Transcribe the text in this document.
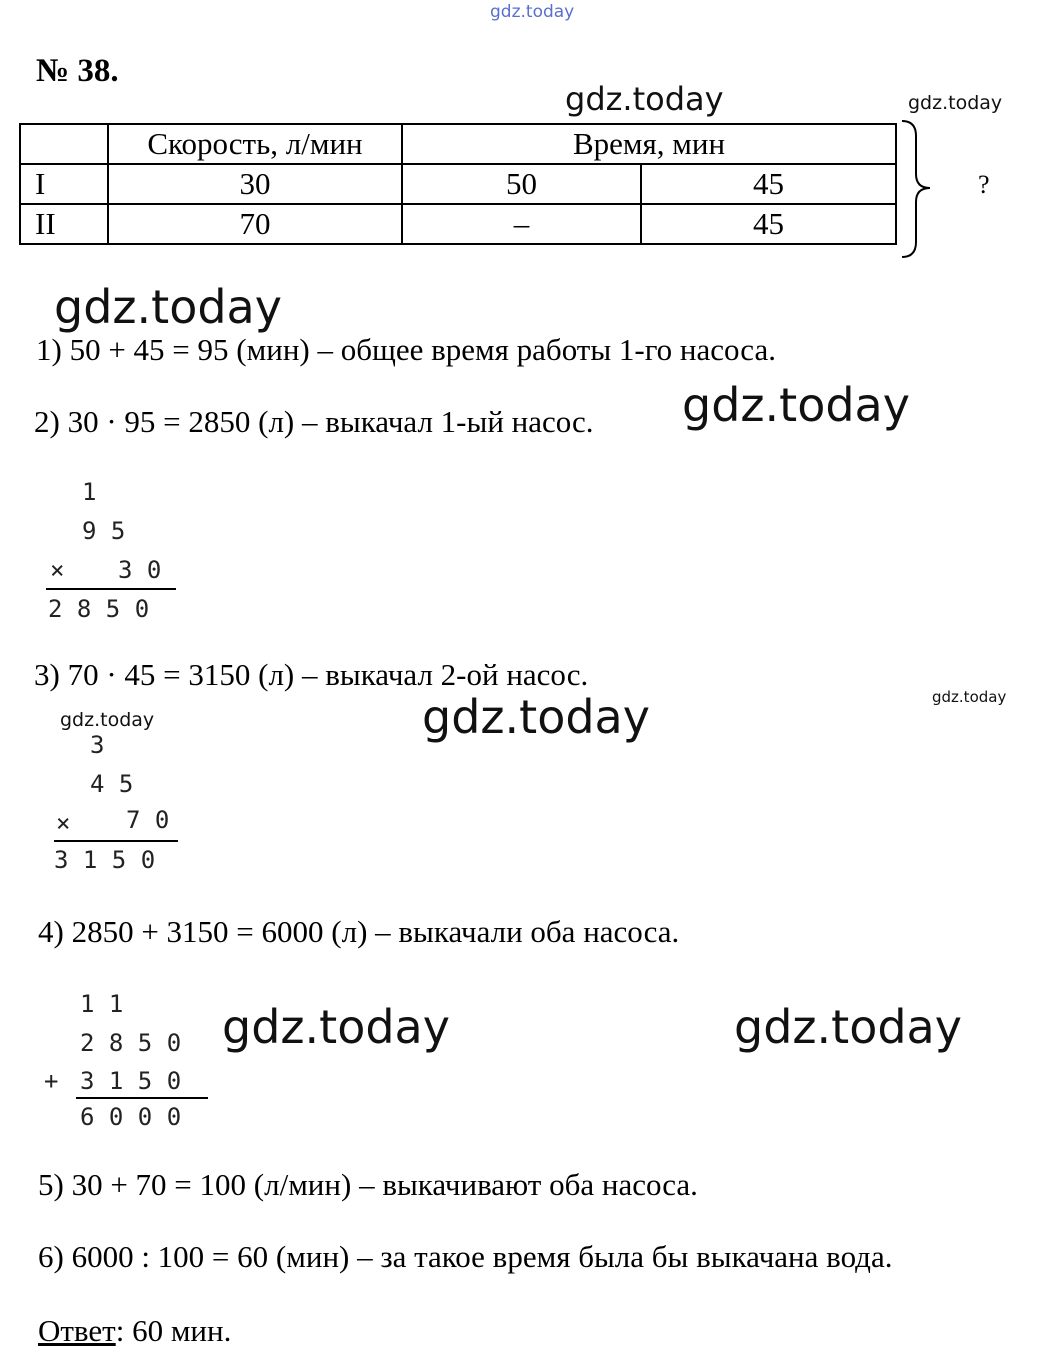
gdz.today
gdz.today	gdz.today
gdz.today
gdz.today
gdz.today
gdz.today	gdz.today
gdz.today	gdz.today
№ 38.
	Скорость, л/мин	Время, мин	
I	30	50	45
II	70	–	45
?
1) 50 + 45 = 95 (мин) – общее время работы 1-го насоса.
2) 30 · 95 = 2850 (л) – выкачал 1-ый насос.
1
9 5
× 3 0
2 8 5 0
3) 70 · 45 = 3150 (л) – выкачал 2-ой насос.
3
4 5
× 7 0
3 1 5 0
4) 2850 + 3150 = 6000 (л) – выкачали оба насоса.
1 1
2 8 5 0
+ 3 1 5 0
6 0 0 0
5) 30 + 70 = 100 (л/мин) – выкачивают оба насоса.
6) 6000 : 100 = 60 (мин) – за такое время была бы выкачана вода.
Ответ: 60 мин.
